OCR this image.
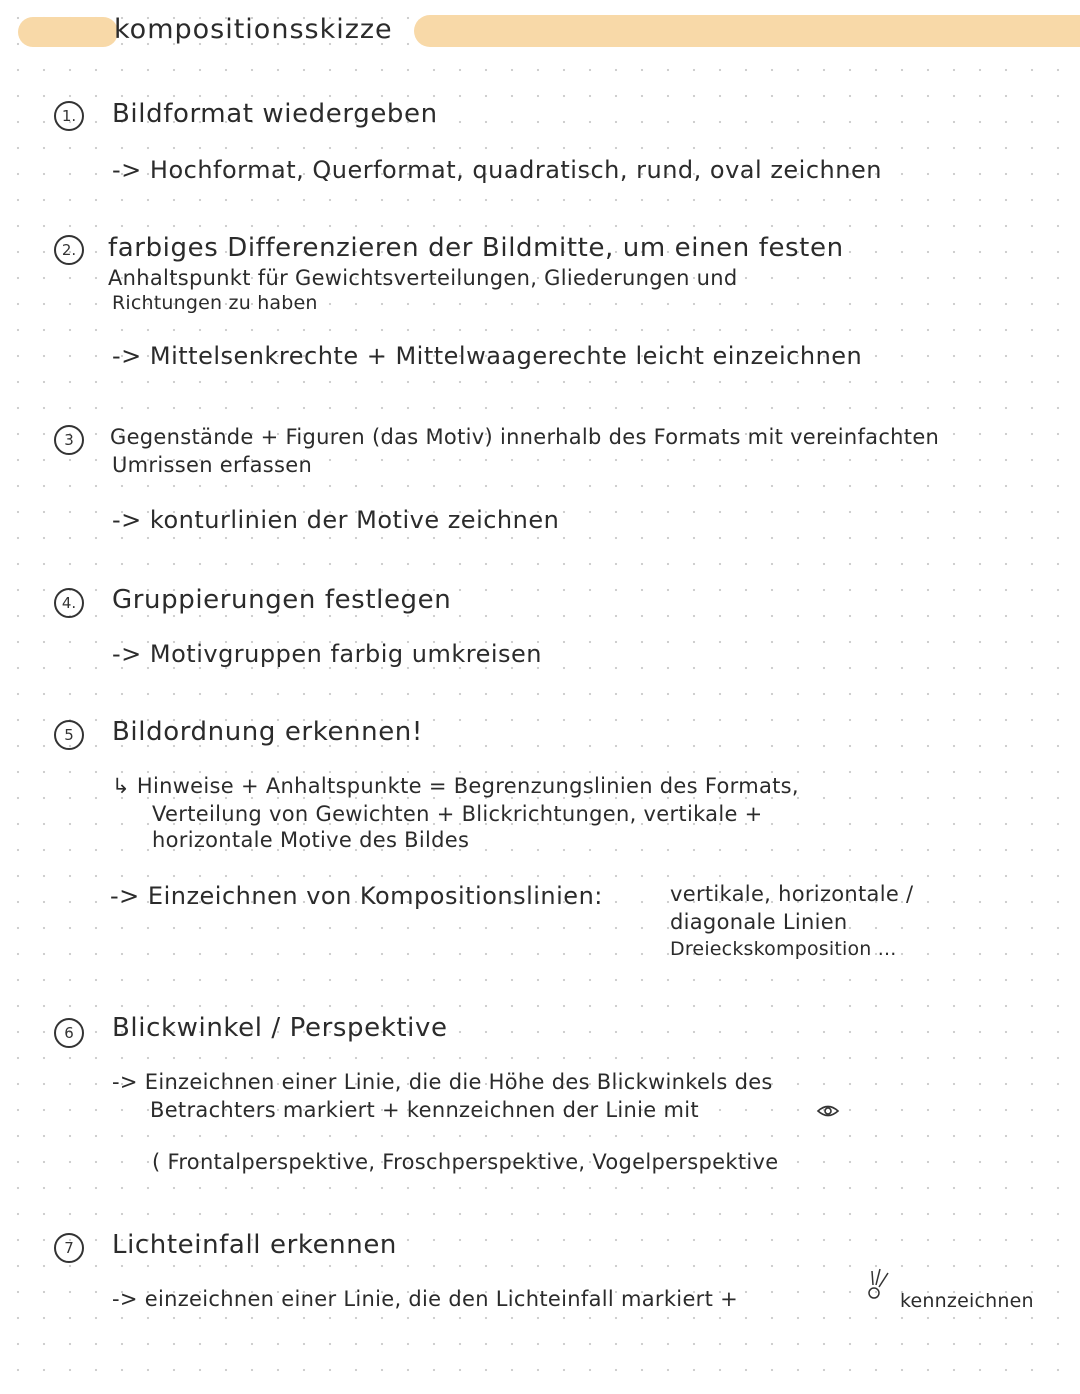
kompositionsskizze
1.	Bildformat wiedergeben
-> Hochformat, Querformat, quadratisch, rund, oval zeichnen
2.	farbiges Differenzieren der Bildmitte, um einen festen
Anhaltspunkt für Gewichtsverteilungen, Gliederungen und
Richtungen zu haben
-> Mittelsenkrechte + Mittelwaagerechte leicht einzeichnen
3	Gegenstände + Figuren (das Motiv) innerhalb des Formats mit vereinfachten
Umrissen erfassen
-> konturlinien der Motive zeichnen
4.	Gruppierungen festlegen
-> Motivgruppen farbig umkreisen
5	Bildordnung erkennen!
↳ Hinweise + Anhaltspunkte = Begrenzungslinien des Formats,
Verteilung von Gewichten + Blickrichtungen, vertikale +
horizontale Motive des Bildes
-> Einzeichnen von Kompositionslinien:	vertikale, horizontale /
diagonale Linien
Dreieckskomposition ...
6	Blickwinkel / Perspektive
-> Einzeichnen einer Linie, die die Höhe des Blickwinkels des
Betrachters markiert + kennzeichnen der Linie mit
( Frontalperspektive, Froschperspektive, Vogelperspektive
7	Lichteinfall erkennen
-> einzeichnen einer Linie, die den Lichteinfall markiert +	kennzeichnen
